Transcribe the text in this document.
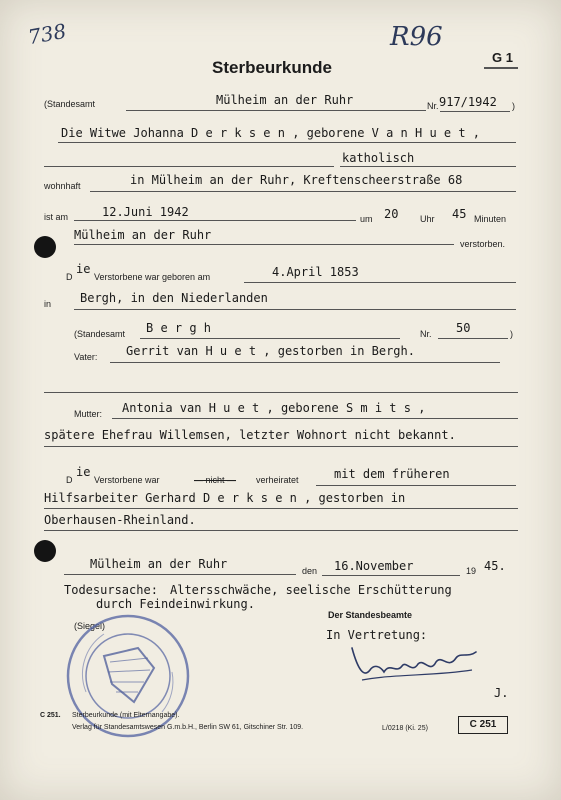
738	R96
Sterbeurkunde
G 1
(Standesamt	Mülheim an der Ruhr	Nr. 917/1942 )
Die Witwe Johanna D e r k s e n , geborene V a n H u e t ,
katholisch
wohnhaft	in Mülheim an der Ruhr, Kreftenscheerstraße 68
ist am	12.Juni 1942	um 20 Uhr 45 Minuten
Mülheim an der Ruhr
verstorben.
D
ie
Verstorbene war geboren am	4.April 1853
in Bergh, in den Niederlanden
(Standesamt B e r g h	Nr. 50	)
Vater: Gerrit van H u e t , gestorben in Bergh.
Mutter: Antonia van H u e t , geborene S m i t s ,
spätere Ehefrau Willemsen, letzter Wohnort nicht bekannt.
D
ie
Verstorbene war	— nicht — verheiratet	mit dem früheren
Hilfsarbeiter Gerhard D e r k s e n , gestorben in
Oberhausen-Rheinland.
Mülheim an der Ruhr	den 16.November	19 45.
Todesursache: Altersschwäche, seelische Erschütterung
durch Feindeinwirkung.
Der Standesbeamte
In Vertretung:
J.
(Siegel)
C 251. Sterbeurkunde (mit Elternangabe).
Verlag für Standesamtswesen G.m.b.H., Berlin SW 61, Gitschiner Str. 109.	L/0218 (Ki. 25)	C 251
